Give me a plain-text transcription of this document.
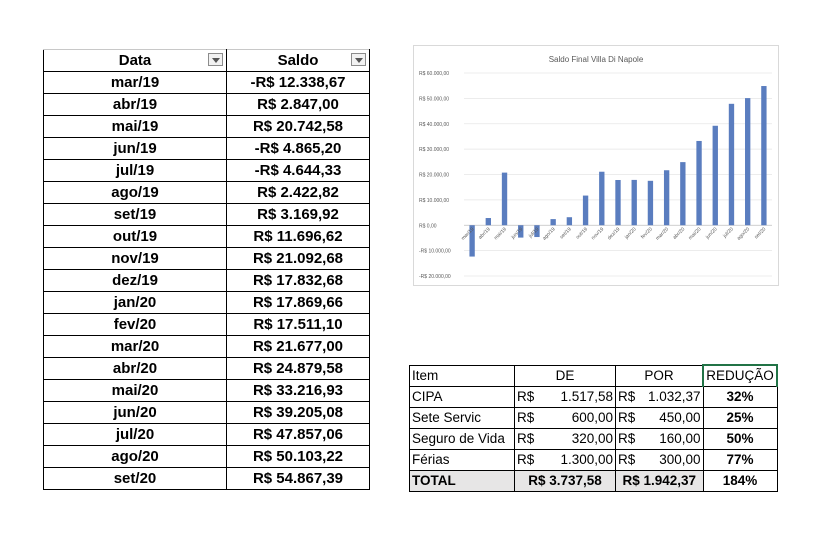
Data	Saldo

mar/19	-R$ 12.338,67
abr/19	R$ 2.847,00
mai/19	R$ 20.742,58
jun/19	-R$ 4.865,20
jul/19	-R$ 4.644,33
ago/19	R$ 2.422,82
set/19	R$ 3.169,92
out/19	R$ 11.696,62
nov/19	R$ 21.092,68
dez/19	R$ 17.832,68
jan/20	R$ 17.869,66
fev/20	R$ 17.511,10
mar/20	R$ 21.677,00
abr/20	R$ 24.879,58
mai/20	R$ 33.216,93
jun/20	R$ 39.205,08
jul/20	R$ 47.857,06
ago/20	R$ 50.103,22
set/20	R$ 54.867,39
Saldo Final Villa Di Napole
R$ 60.000,00
R$ 50.000,00
R$ 40.000,00
R$ 30.000,00
R$ 20.000,00
R$ 10.000,00
R$ 0,00
-R$ 10.000,00
-R$ 20.000,00
mar/19 abr/19 mai/19 jun/19 jul/19 ago/19 set/19 out/19 nov/19 dez/19 jan/20 fev/20 mar/20 abr/20 mai/20 jun/20 jul/20 ago/20 set/20
Item	DE	POR	REDUÇÃO
CIPA	R$ 1.517,58	R$ 1.032,37	32%
Sete Servic	R$ 600,00	R$ 450,00	25%
Seguro de Vida	R$ 320,00	R$ 160,00	50%
Férias	R$ 1.300,00	R$ 300,00	77%
TOTAL	R$ 3.737,58	R$ 1.942,37	184%
